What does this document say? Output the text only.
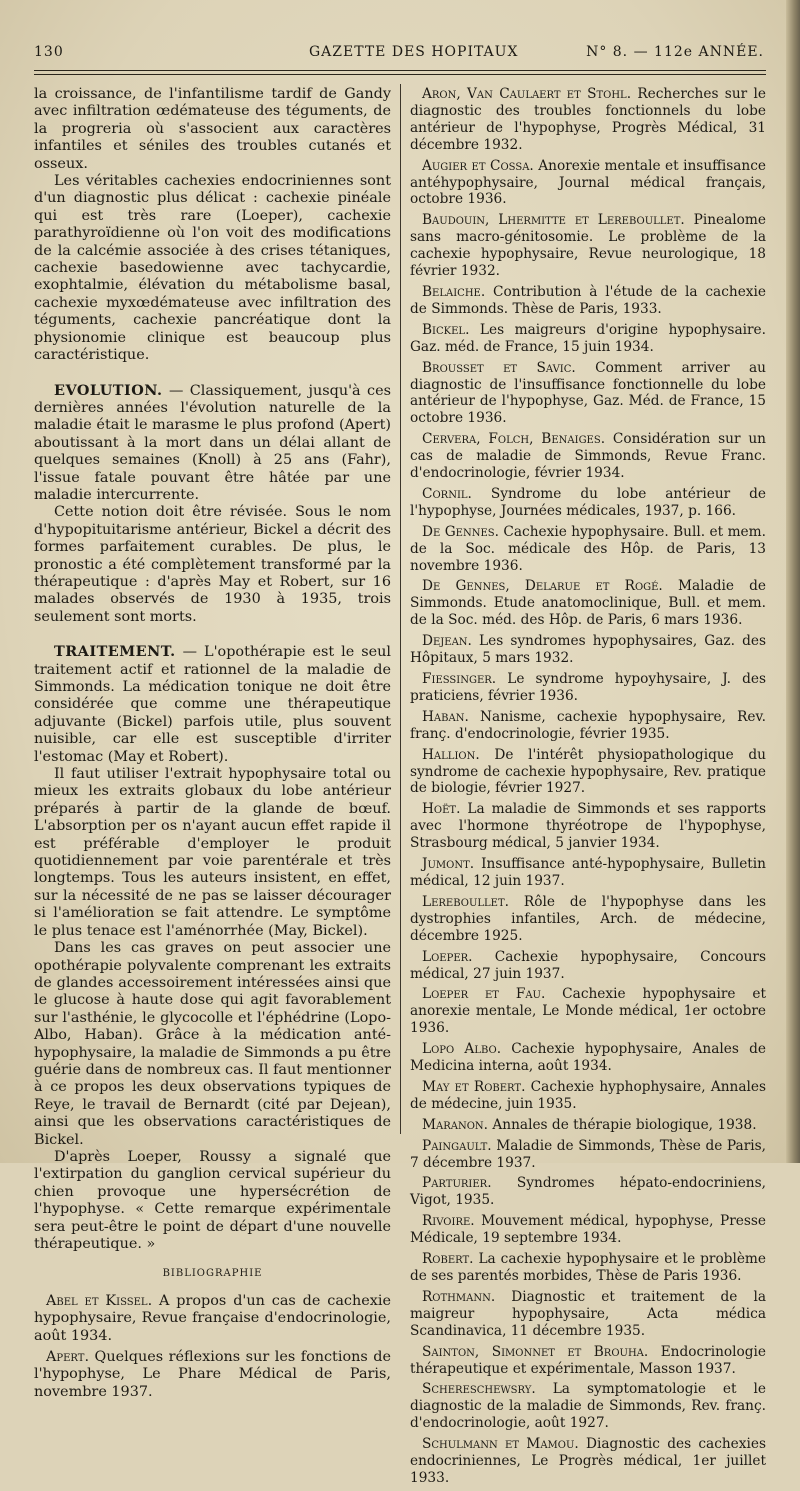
130	GAZETTE DES HOPITAUX	N° 8. — 112e ANNÉE.

la croissance, de l'infantilisme tardif de Gandy avec infiltration œdémateuse des téguments, de la progreria où s'associent aux caractères infantiles et séniles des troubles cutanés et osseux.

Les véritables cachexies endocriniennes sont d'un diagnostic plus délicat : cachexie pinéale qui est très rare (Loeper), cachexie parathyroïdienne où l'on voit des modifications de la calcémie associée à des crises tétaniques, cachexie basedowienne avec tachycardie, exophtalmie, élévation du métabolisme basal, cachexie myxœdémateuse avec infiltration des téguments, cachexie pancréatique dont la physionomie clinique est beaucoup plus caractéristique.

EVOLUTION. — Classiquement, jusqu'à ces dernières années l'évolution naturelle de la maladie était le marasme le plus profond (Apert) aboutissant à la mort dans un délai allant de quelques semaines (Knoll) à 25 ans (Fahr), l'issue fatale pouvant être hâtée par une maladie intercurrente.

Cette notion doit être révisée. Sous le nom d'hypopituitarisme antérieur, Bickel a décrit des formes parfaitement curables. De plus, le pronostic a été complètement transformé par la thérapeutique : d'après May et Robert, sur 16 malades observés de 1930 à 1935, trois seulement sont morts.

TRAITEMENT. — L'opothérapie est le seul traitement actif et rationnel de la maladie de Simmonds. La médication tonique ne doit être considérée que comme une thérapeutique adjuvante (Bickel) parfois utile, plus souvent nuisible, car elle est susceptible d'irriter l'estomac (May et Robert).

Il faut utiliser l'extrait hypophysaire total ou mieux les extraits globaux du lobe antérieur préparés à partir de la glande de bœuf. L'absorption per os n'ayant aucun effet rapide il est préférable d'employer le produit quotidiennement par voie parentérale et très longtemps. Tous les auteurs insistent, en effet, sur la nécessité de ne pas se laisser décourager si l'amélioration se fait attendre. Le symptôme le plus tenace est l'aménorrhée (May, Bickel).

Dans les cas graves on peut associer une opothérapie polyvalente comprenant les extraits de glandes accessoirement intéressées ainsi que le glucose à haute dose qui agit favorablement sur l'asthénie, le glycocolle et l'éphédrine (Lopo-Albo, Haban). Grâce à la médication anté-hypophysaire, la maladie de Simmonds a pu être guérie dans de nombreux cas. Il faut mentionner à ce propos les deux observations typiques de Reye, le travail de Bernardt (cité par Dejean), ainsi que les observations caractéristiques de Bickel.

D'après Loeper, Roussy a signalé que l'extirpation du ganglion cervical supérieur du chien provoque une hypersécrétion de l'hypophyse. « Cette remarque expérimentale sera peut-être le point de départ d'une nouvelle thérapeutique. »

BIBLIOGRAPHIE

Abel et Kissel. A propos d'un cas de cachexie hypophysaire, Revue française d'endocrinologie, août 1934.

Apert. Quelques réflexions sur les fonctions de l'hypophyse, Le Phare Médical de Paris, novembre 1937.

Aron, Van Caulaert et Stohl. Recherches sur le diagnostic des troubles fonctionnels du lobe antérieur de l'hypophyse, Progrès Médical, 31 décembre 1932.

Augier et Cossa. Anorexie mentale et insuffisance antéhypophysaire, Journal médical français, octobre 1936.

Baudouin, Lhermitte et Lereboullet. Pinealome sans macro-génitosomie. Le problème de la cachexie hypophysaire, Revue neurologique, 18 février 1932.

Belaiche. Contribution à l'étude de la cachexie de Simmonds. Thèse de Paris, 1933.

Bickel. Les maigreurs d'origine hypophysaire. Gaz. méd. de France, 15 juin 1934.

Brousset et Savic. Comment arriver au diagnostic de l'insuffisance fonctionnelle du lobe antérieur de l'hypophyse, Gaz. Méd. de France, 15 octobre 1936.

Cervera, Folch, Benaiges. Considération sur un cas de maladie de Simmonds, Revue Franc. d'endocrinologie, février 1934.

Cornil. Syndrome du lobe antérieur de l'hypophyse, Journées médicales, 1937, p. 166.

De Gennes. Cachexie hypophysaire. Bull. et mem. de la Soc. médicale des Hôp. de Paris, 13 novembre 1936.

De Gennes, Delarue et Rogé. Maladie de Simmonds. Etude anatomoclinique, Bull. et mem. de la Soc. méd. des Hôp. de Paris, 6 mars 1936.

Dejean. Les syndromes hypophysaires, Gaz. des Hôpitaux, 5 mars 1932.

Fiessinger. Le syndrome hypoyhysaire, J. des praticiens, février 1936.

Haban. Nanisme, cachexie hypophysaire, Rev. franç. d'endocrinologie, février 1935.

Hallion. De l'intérêt physiopathologique du syndrome de cachexie hypophysaire, Rev. pratique de biologie, février 1927.

Hoët. La maladie de Simmonds et ses rapports avec l'hormone thyréotrope de l'hypophyse, Strasbourg médical, 5 janvier 1934.

Jumont. Insuffisance anté-hypophysaire, Bulletin médical, 12 juin 1937.

Lereboullet. Rôle de l'hypophyse dans les dystrophies infantiles, Arch. de médecine, décembre 1925.

Loeper. Cachexie hypophysaire, Concours médical, 27 juin 1937.

Loeper et Fau. Cachexie hypophysaire et anorexie mentale, Le Monde médical, 1er octobre 1936.

Lopo Albo. Cachexie hypophysaire, Anales de Medicina interna, août 1934.

May et Robert. Cachexie hyphophysaire, Annales de médecine, juin 1935.

Maranon. Annales de thérapie biologique, 1938.

Paingault. Maladie de Simmonds, Thèse de Paris, 7 décembre 1937.

Parturier. Syndromes hépato-endocriniens, Vigot, 1935.

Rivoire. Mouvement médical, hypophyse, Presse Médicale, 19 septembre 1934.

Robert. La cachexie hypophysaire et le problème de ses parentés morbides, Thèse de Paris 1936.

Rothmann. Diagnostic et traitement de la maigreur hypophysaire, Acta médica Scandinavica, 11 décembre 1935.

Sainton, Simonnet et Brouha. Endocrinologie thérapeutique et expérimentale, Masson 1937.

Schereschewsry. La symptomatologie et le diagnostic de la maladie de Simmonds, Rev. franç. d'endocrinologie, août 1927.

Schulmann et Mamou. Diagnostic des cachexies endocriniennes, Le Progrès médical, 1er juillet 1933.
